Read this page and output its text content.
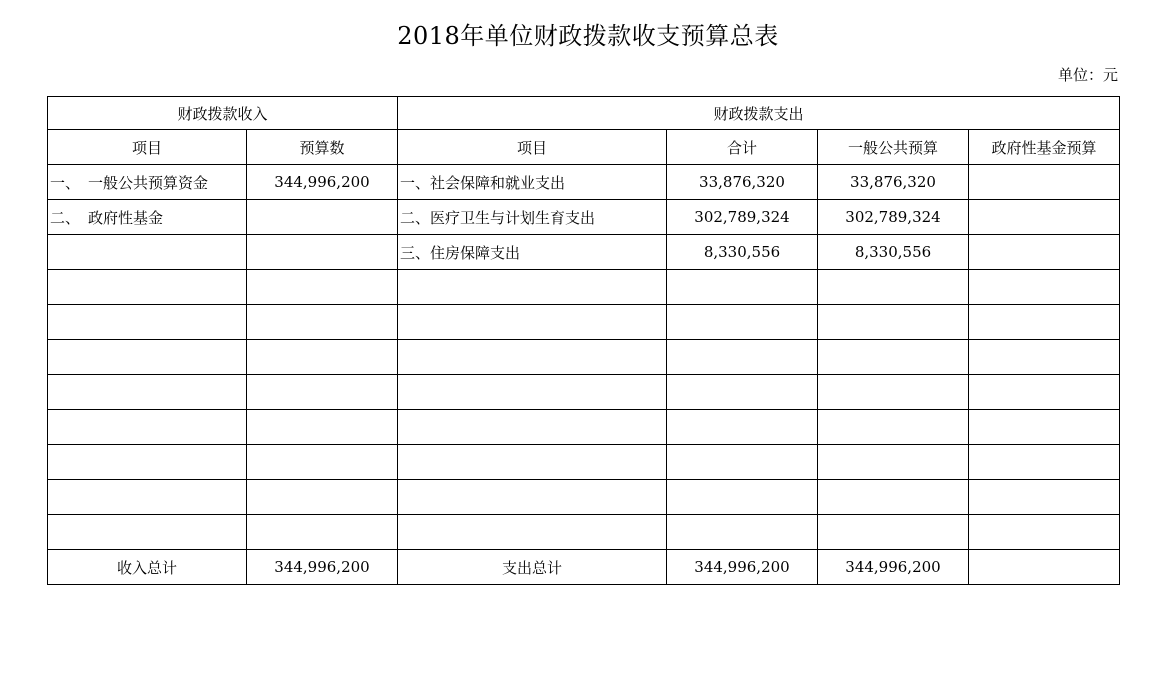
2018年单位财政拨款收支预算总表
单位：元
财政拨款收入		财政拨款支出			
项目	预算数	项目	合计	一般公共预算	政府性基金预算
一、 一般公共预算资金	344,996,200	一、社会保障和就业支出	33,876,320	33,876,320	
二、 政府性基金		二、医疗卫生与计划生育支出	302,789,324	302,789,324	
		三、住房保障支出	8,330,556	8,330,556	

收入总计	344,996,200	支出总计	344,996,200	344,996,200	
